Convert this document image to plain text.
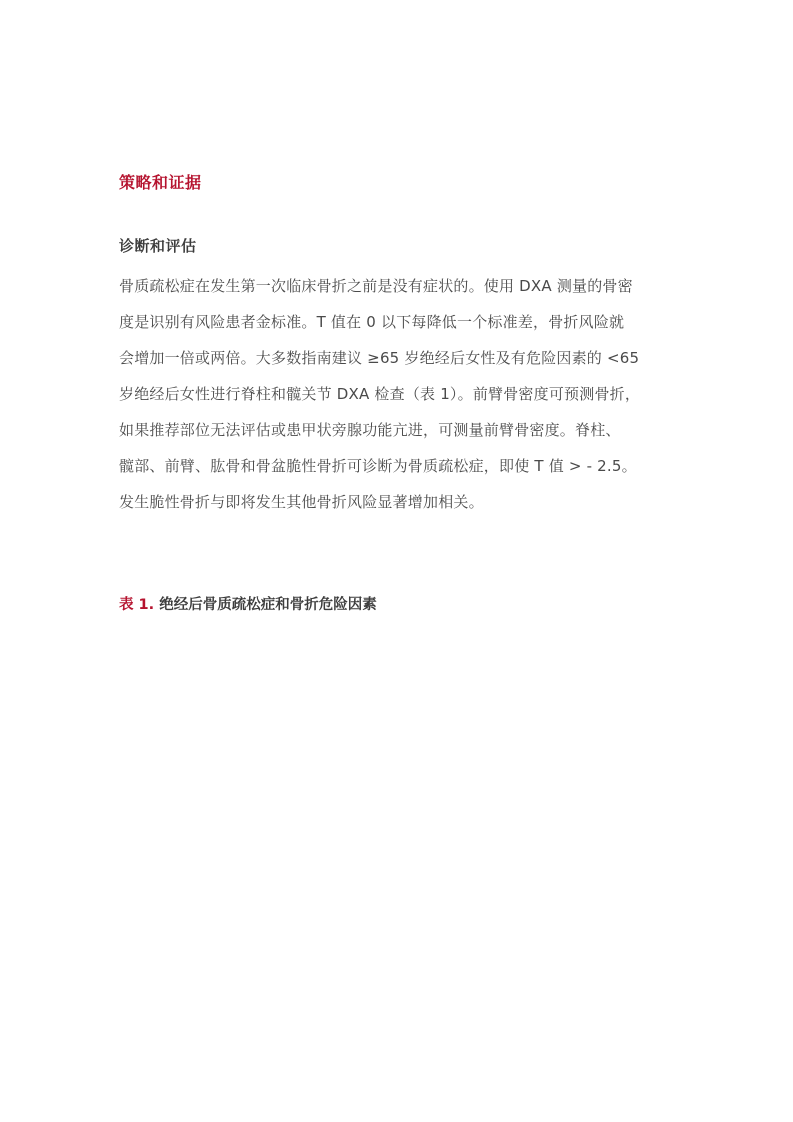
策略和证据
诊断和评估

骨质疏松症在发生第一次临床骨折之前是没有症状的。使用 DXA 测量的骨密
度是识别有风险患者金标准。T 值在 0 以下每降低一个标准差，骨折风险就
会增加一倍或两倍。大多数指南建议 ≥65 岁绝经后女性及有危险因素的 <65
岁绝经后女性进行脊柱和髋关节 DXA 检查（表 1）。前臂骨密度可预测骨折，
如果推荐部位无法评估或患甲状旁腺功能亢进，可测量前臂骨密度。脊柱、
髋部、前臂、肱骨和骨盆脆性骨折可诊断为骨质疏松症，即使 T 值 > - 2.5。
发生脆性骨折与即将发生其他骨折风险显著增加相关。

表 1. 绝经后骨质疏松症和骨折危险因素
